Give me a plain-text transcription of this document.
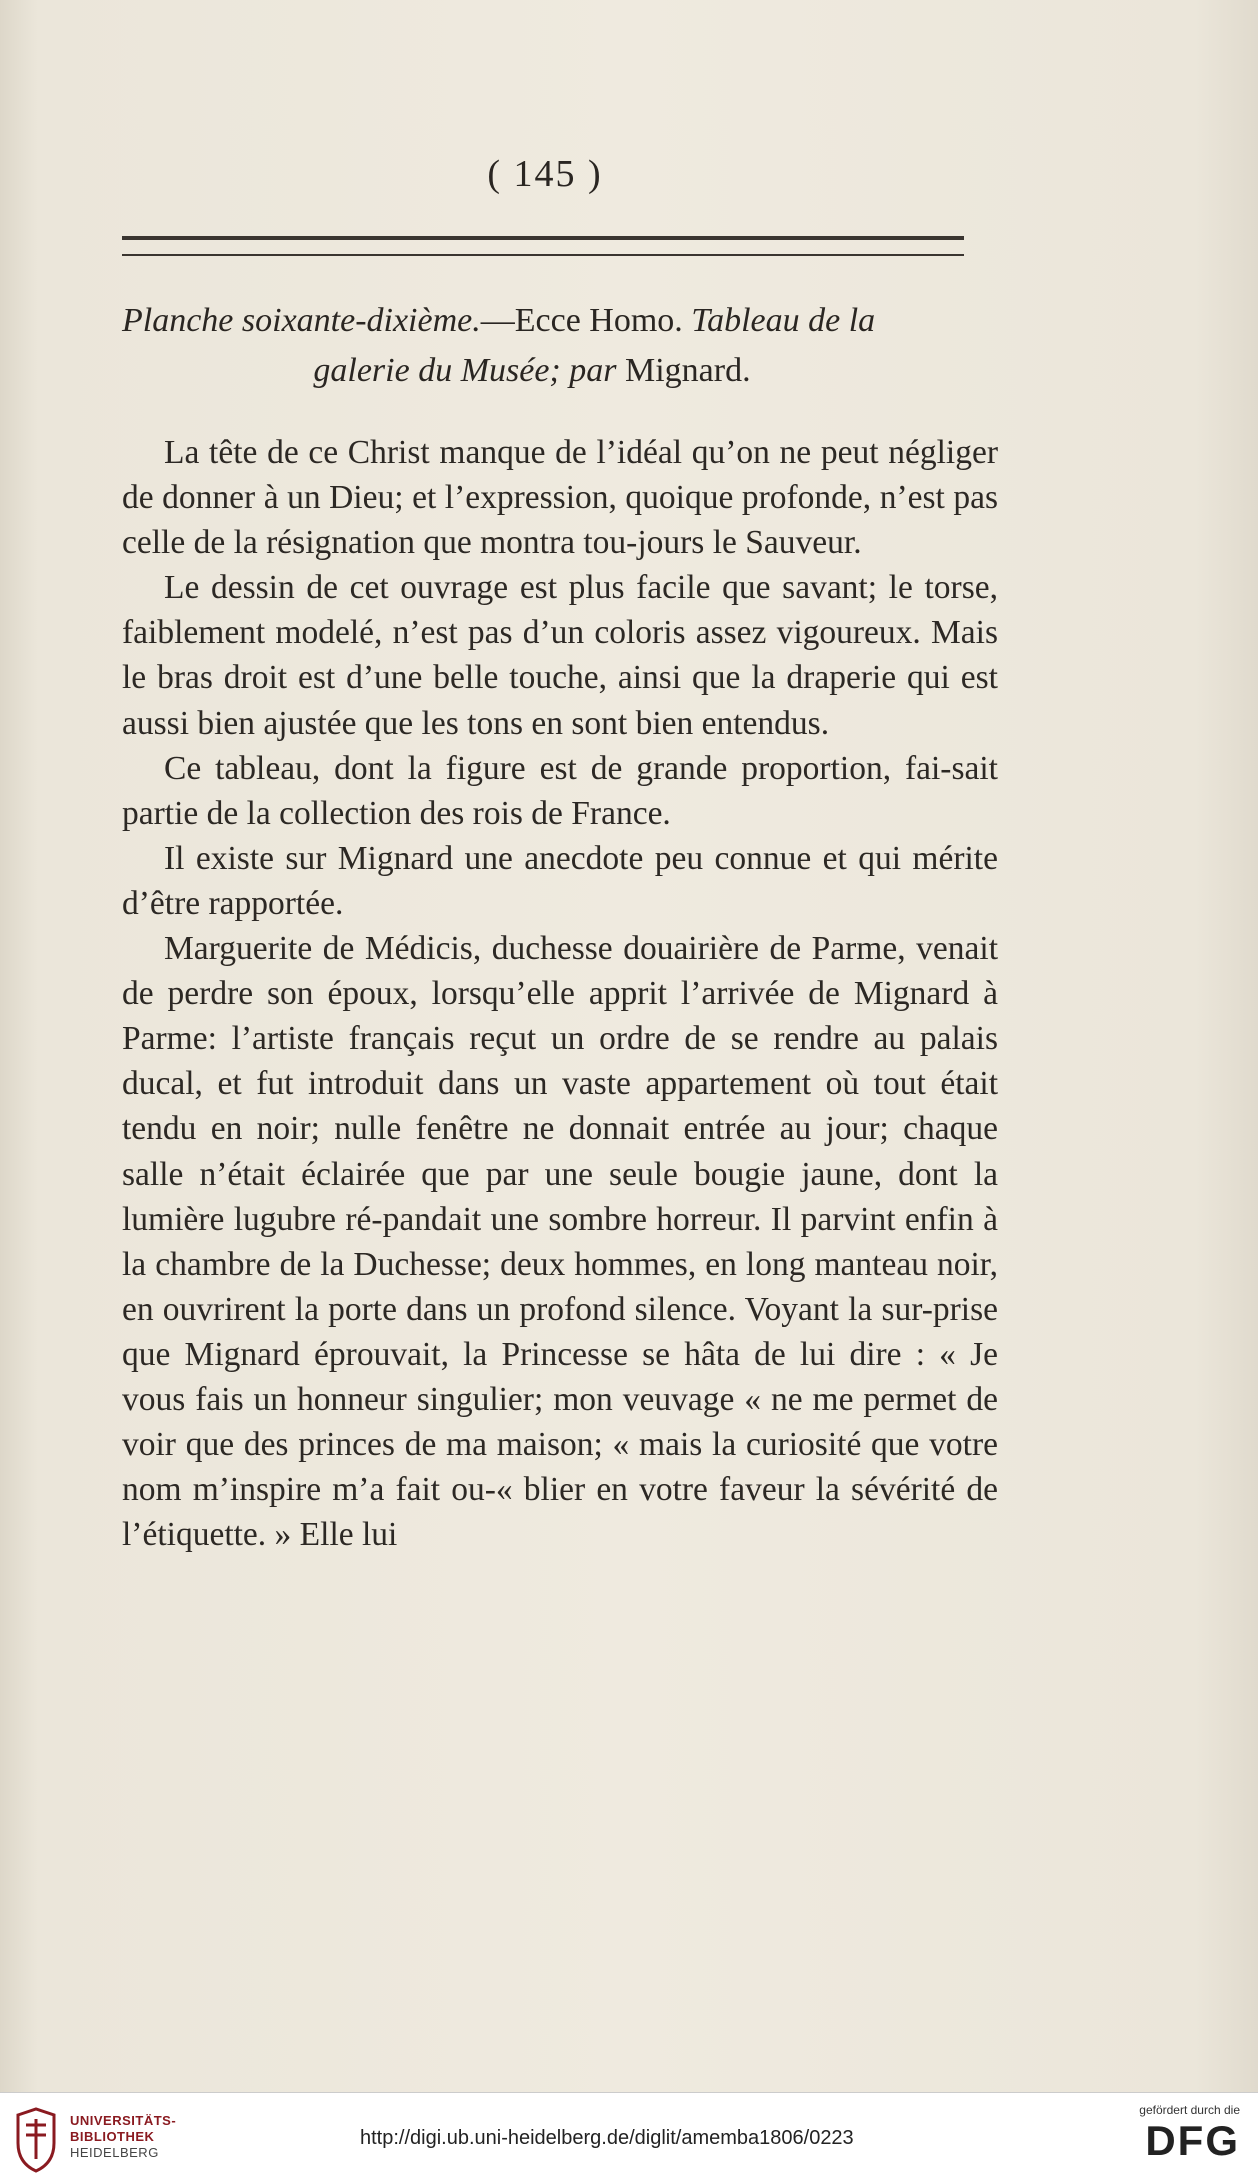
( 145 )
Planche soixante-dixième.—Ecce Homo. Tableau de la
galerie du Musée; par Mignard.

La tête de ce Christ manque de l’idéal qu’on ne peut négliger de donner à un Dieu; et l’expression, quoique profonde, n’est pas celle de la résignation que montra tou-jours le Sauveur.

Le dessin de cet ouvrage est plus facile que savant; le torse, faiblement modelé, n’est pas d’un coloris assez vigoureux. Mais le bras droit est d’une belle touche, ainsi que la draperie qui est aussi bien ajustée que les tons en sont bien entendus.

Ce tableau, dont la figure est de grande proportion, fai-sait partie de la collection des rois de France.

Il existe sur Mignard une anecdote peu connue et qui mérite d’être rapportée.

Marguerite de Médicis, duchesse douairière de Parme, venait de perdre son époux, lorsqu’elle apprit l’arrivée de Mignard à Parme: l’artiste français reçut un ordre de se rendre au palais ducal, et fut introduit dans un vaste appartement où tout était tendu en noir; nulle fenêtre ne donnait entrée au jour; chaque salle n’était éclairée que par une seule bougie jaune, dont la lumière lugubre ré-pandait une sombre horreur. Il parvint enfin à la chambre de la Duchesse; deux hommes, en long manteau noir, en ouvrirent la porte dans un profond silence. Voyant la sur-prise que Mignard éprouvait, la Princesse se hâta de lui dire : « Je vous fais un honneur singulier; mon veuvage « ne me permet de voir que des princes de ma maison; « mais la curiosité que votre nom m’inspire m’a fait ou-« blier en votre faveur la sévérité de l’étiquette. » Elle lui

UNIVERSITÄTS-
BIBLIOTHEK
HEIDELBERG
http://digi.ub.uni-heidelberg.de/diglit/amemba1806/0223
gefördert durch die
DFG
